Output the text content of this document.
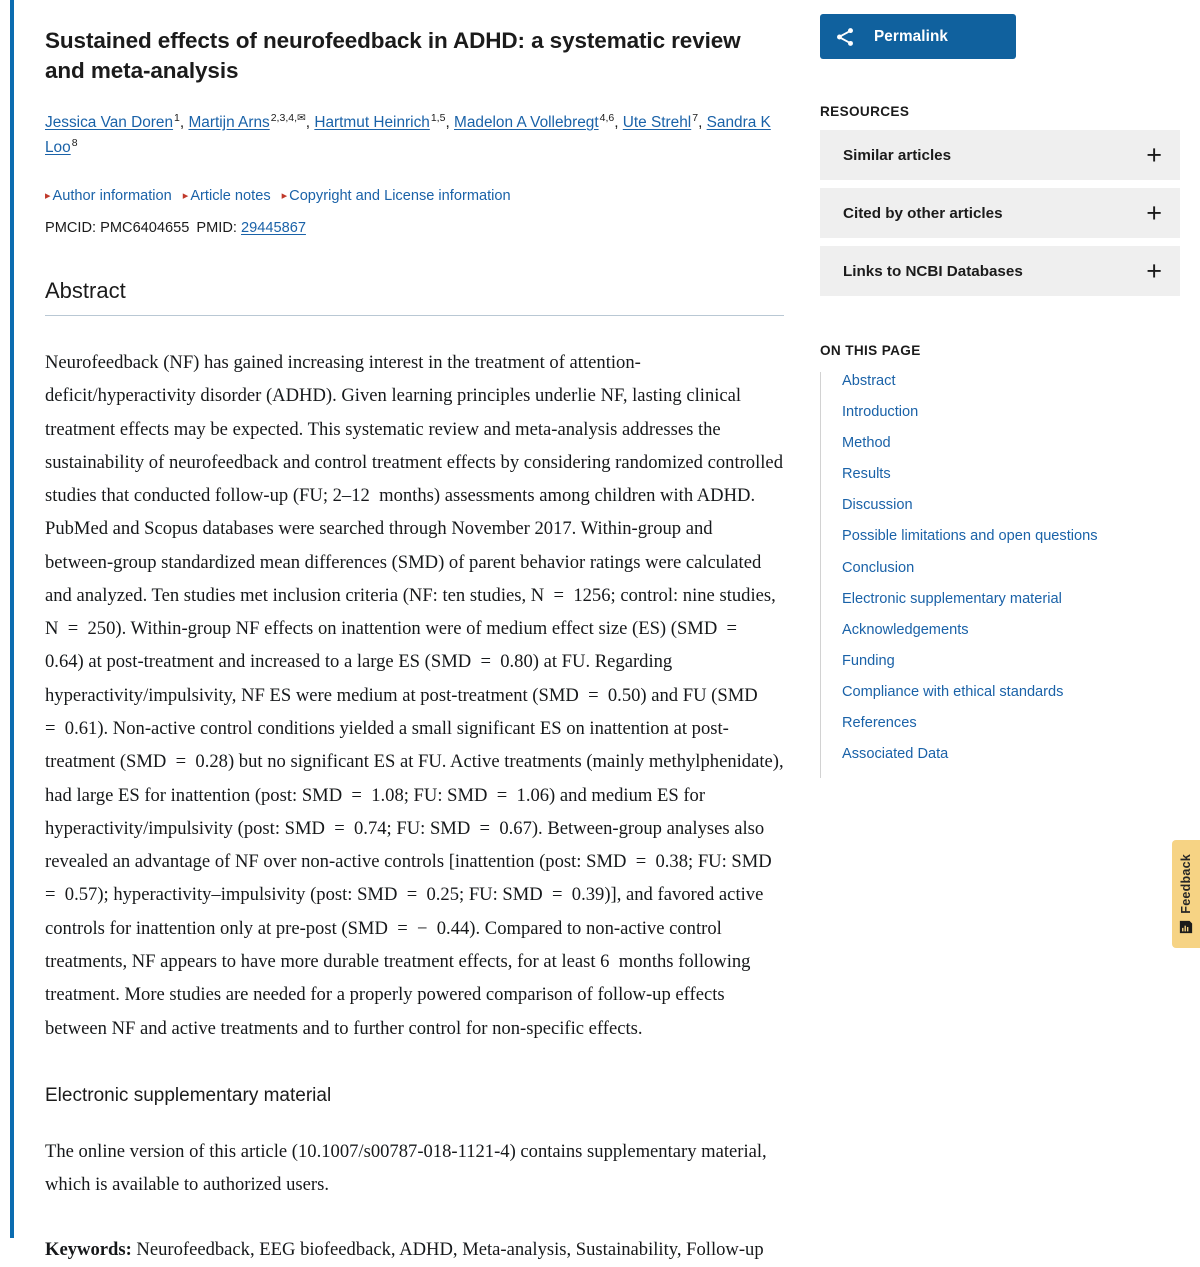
Sustained effects of neurofeedback in ADHD: a systematic review and meta-analysis
Jessica Van Doren$^1$, Martijn Arns$^{2,3,4,✉}$, Hartmut Heinrich$^{1,5}$, Madelon A Vollebregt$^{4,6}$, Ute Strehl$^7$, Sandra K Loo$^8$
▸ Author information ▸ Article notes ▸ Copyright and License information
PMCID: PMC6404655 PMID: 29445867
Abstract

Neurofeedback (NF) has gained increasing interest in the treatment of attention-deficit/hyperactivity disorder (ADHD). Given learning principles underlie NF, lasting clinical treatment effects may be expected. This systematic review and meta-analysis addresses the sustainability of neurofeedback and control treatment effects by considering randomized controlled studies that conducted follow-up (FU; 2–12 months) assessments among children with ADHD. PubMed and Scopus databases were searched through November 2017. Within-group and between-group standardized mean differences (SMD) of parent behavior ratings were calculated and analyzed. Ten studies met inclusion criteria (NF: ten studies, N = 1256; control: nine studies, N = 250). Within-group NF effects on inattention were of medium effect size (ES) (SMD = 0.64) at post-treatment and increased to a large ES (SMD = 0.80) at FU. Regarding hyperactivity/impulsivity, NF ES were medium at post-treatment (SMD = 0.50) and FU (SMD = 0.61). Non-active control conditions yielded a small significant ES on inattention at post-treatment (SMD = 0.28) but no significant ES at FU. Active treatments (mainly methylphenidate), had large ES for inattention (post: SMD = 1.08; FU: SMD = 1.06) and medium ES for hyperactivity/impulsivity (post: SMD = 0.74; FU: SMD = 0.67). Between-group analyses also revealed an advantage of NF over non-active controls [inattention (post: SMD = 0.38; FU: SMD = 0.57); hyperactivity–impulsivity (post: SMD = 0.25; FU: SMD = 0.39)], and favored active controls for inattention only at pre-post (SMD = − 0.44). Compared to non-active control treatments, NF appears to have more durable treatment effects, for at least 6 months following treatment. More studies are needed for a properly powered comparison of follow-up effects between NF and active treatments and to further control for non-specific effects.

Electronic supplementary material

The online version of this article (10.1007/s00787-018-1121-4) contains supplementary material, which is available to authorized users.

Keywords: Neurofeedback, EEG biofeedback, ADHD, Meta-analysis, Sustainability, Follow-up

Permalink
RESOURCES
Similar articles	+
Cited by other articles	+
Links to NCBI Databases	+
ON THIS PAGE
Abstract
Introduction
Method
Results
Discussion
Possible limitations and open questions
Conclusion
Electronic supplementary material
Acknowledgements
Funding
Compliance with ethical standards
References
Associated Data
Feedback
